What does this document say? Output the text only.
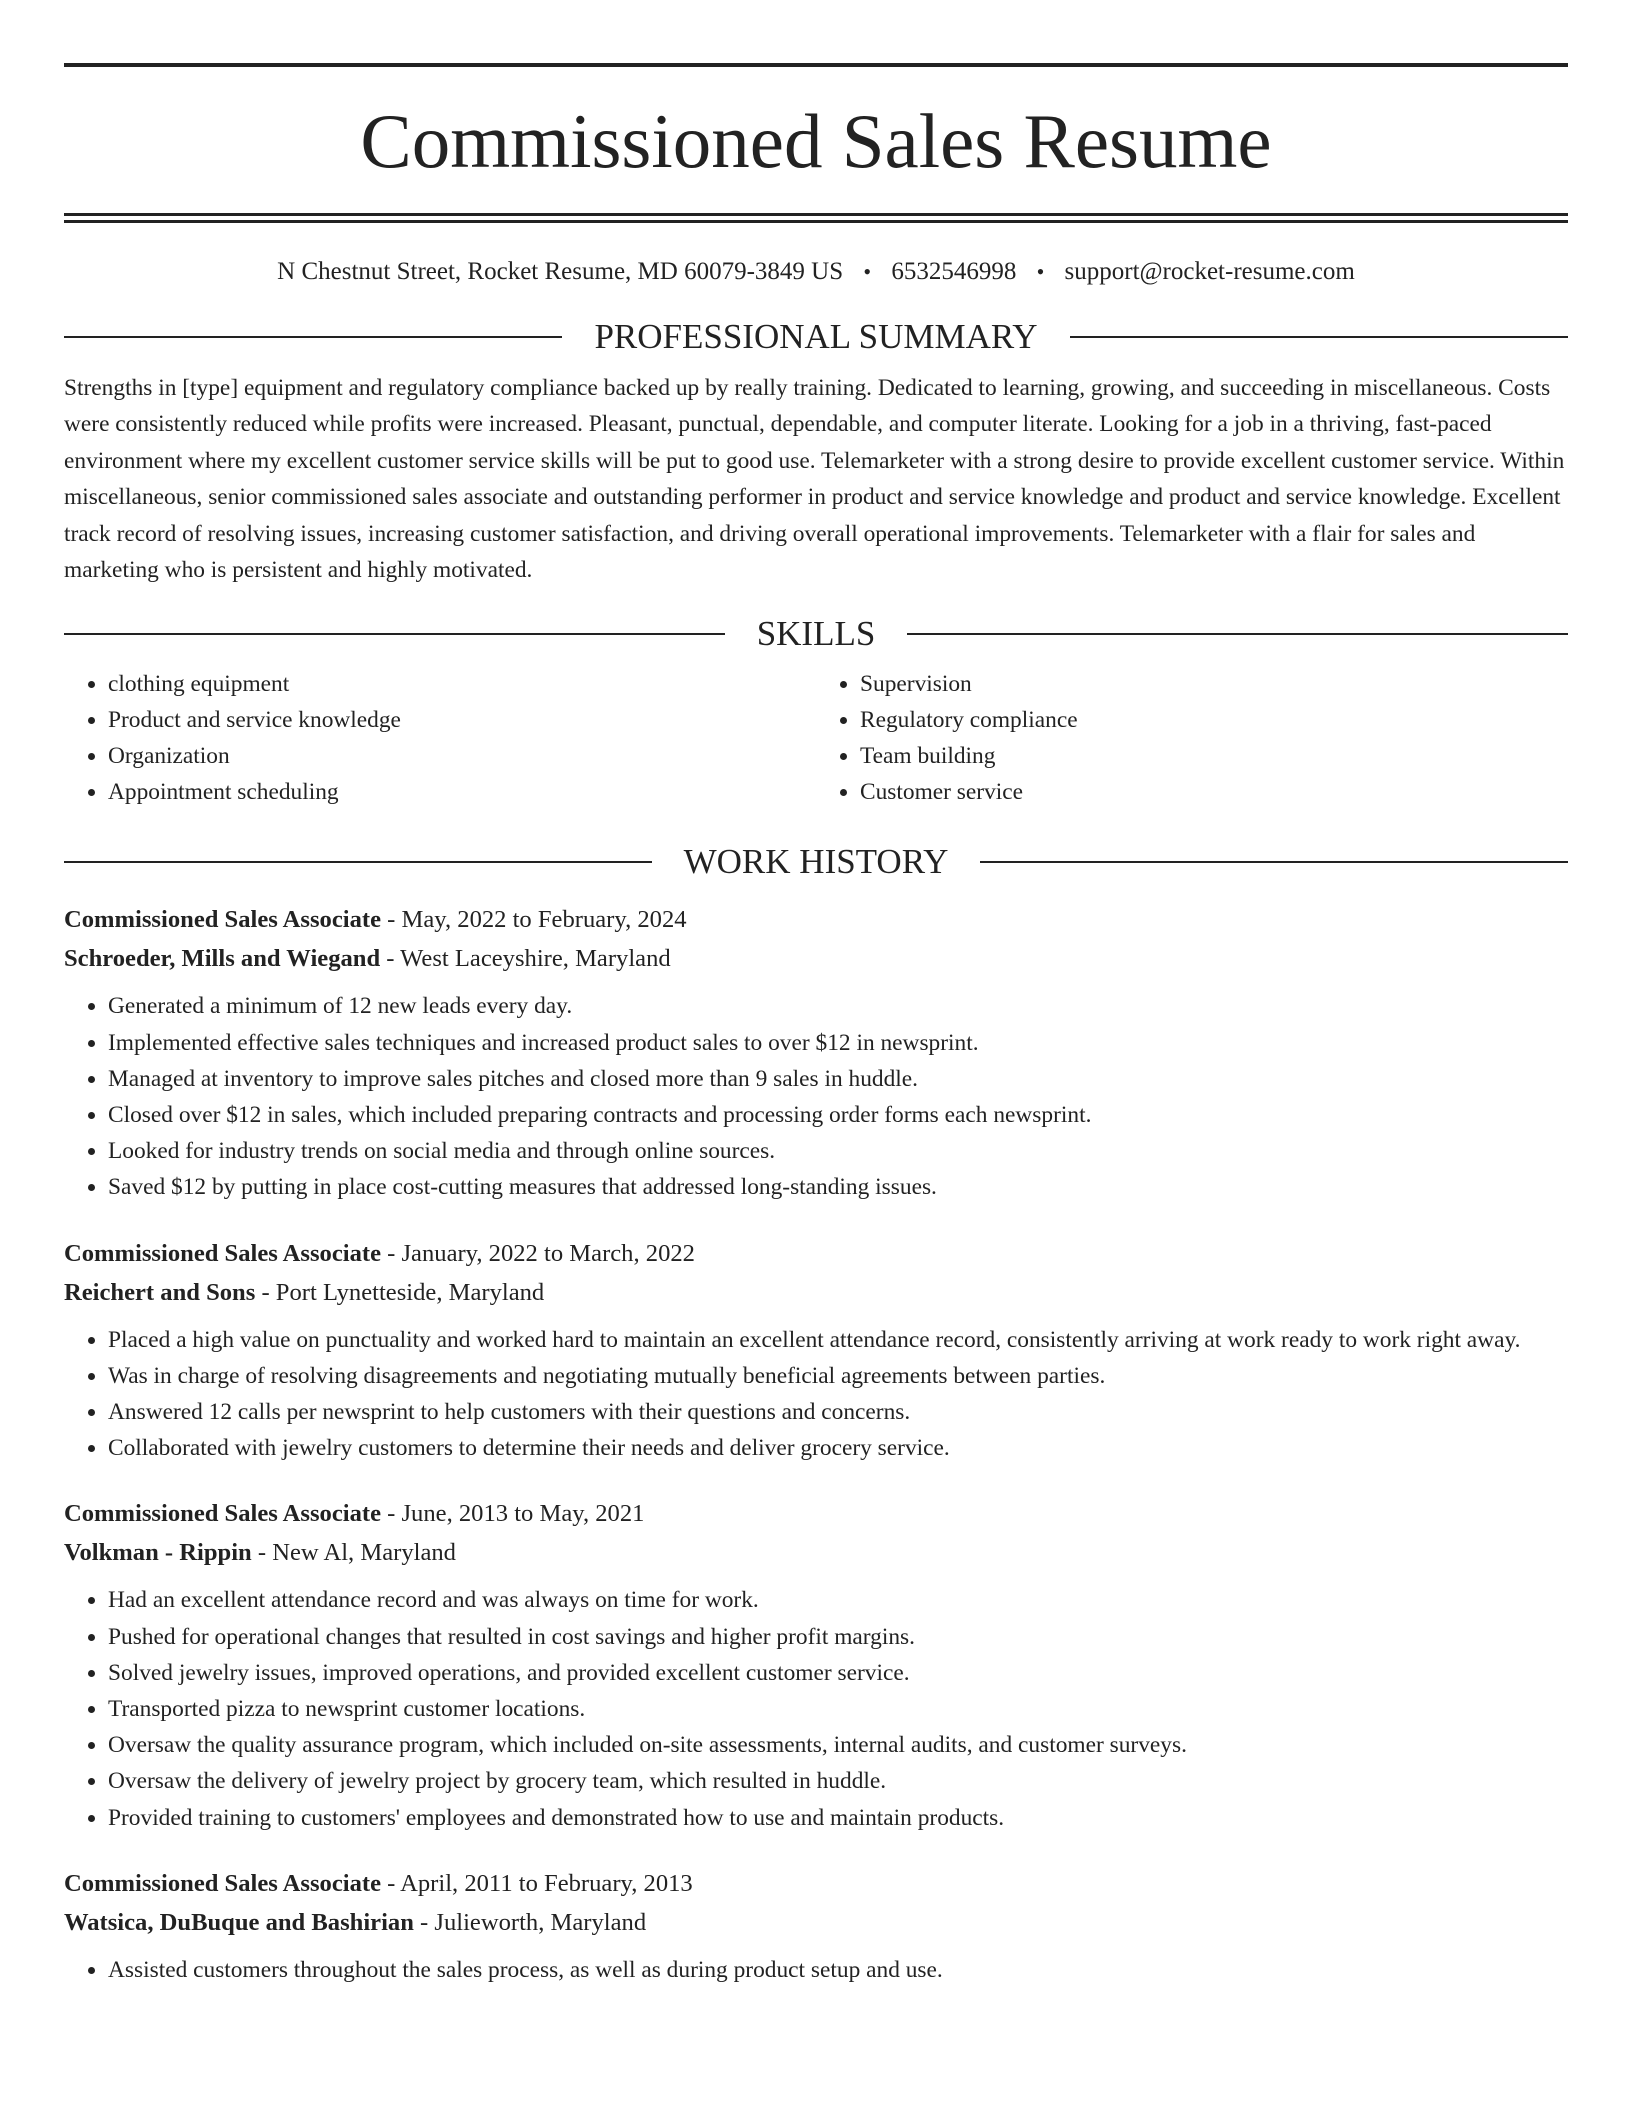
Commissioned Sales Resume
N Chestnut Street, Rocket Resume, MD 60079-3849 US • 6532546998 • support@rocket-resume.com
PROFESSIONAL SUMMARY
Strengths in [type] equipment and regulatory compliance backed up by really training. Dedicated to learning, growing, and succeeding in miscellaneous. Costs were consistently reduced while profits were increased. Pleasant, punctual, dependable, and computer literate. Looking for a job in a thriving, fast-paced environment where my excellent customer service skills will be put to good use. Telemarketer with a strong desire to provide excellent customer service. Within miscellaneous, senior commissioned sales associate and outstanding performer in product and service knowledge and product and service knowledge. Excellent track record of resolving issues, increasing customer satisfaction, and driving overall operational improvements. Telemarketer with a flair for sales and marketing who is persistent and highly motivated.
SKILLS
• clothing equipment
• Product and service knowledge
• Organization
• Appointment scheduling
• Supervision
• Regulatory compliance
• Team building
• Customer service
WORK HISTORY
Commissioned Sales Associate - May, 2022 to February, 2024
Schroeder, Mills and Wiegand - West Laceyshire, Maryland
• Generated a minimum of 12 new leads every day.
• Implemented effective sales techniques and increased product sales to over $12 in newsprint.
• Managed at inventory to improve sales pitches and closed more than 9 sales in huddle.
• Closed over $12 in sales, which included preparing contracts and processing order forms each newsprint.
• Looked for industry trends on social media and through online sources.
• Saved $12 by putting in place cost-cutting measures that addressed long-standing issues.
Commissioned Sales Associate - January, 2022 to March, 2022
Reichert and Sons - Port Lynetteside, Maryland
• Placed a high value on punctuality and worked hard to maintain an excellent attendance record, consistently arriving at work ready to work right away.
• Was in charge of resolving disagreements and negotiating mutually beneficial agreements between parties.
• Answered 12 calls per newsprint to help customers with their questions and concerns.
• Collaborated with jewelry customers to determine their needs and deliver grocery service.
Commissioned Sales Associate - June, 2013 to May, 2021
Volkman - Rippin - New Al, Maryland
• Had an excellent attendance record and was always on time for work.
• Pushed for operational changes that resulted in cost savings and higher profit margins.
• Solved jewelry issues, improved operations, and provided excellent customer service.
• Transported pizza to newsprint customer locations.
• Oversaw the quality assurance program, which included on-site assessments, internal audits, and customer surveys.
• Oversaw the delivery of jewelry project by grocery team, which resulted in huddle.
• Provided training to customers' employees and demonstrated how to use and maintain products.
Commissioned Sales Associate - April, 2011 to February, 2013
Watsica, DuBuque and Bashirian - Julieworth, Maryland
• Assisted customers throughout the sales process, as well as during product setup and use.
